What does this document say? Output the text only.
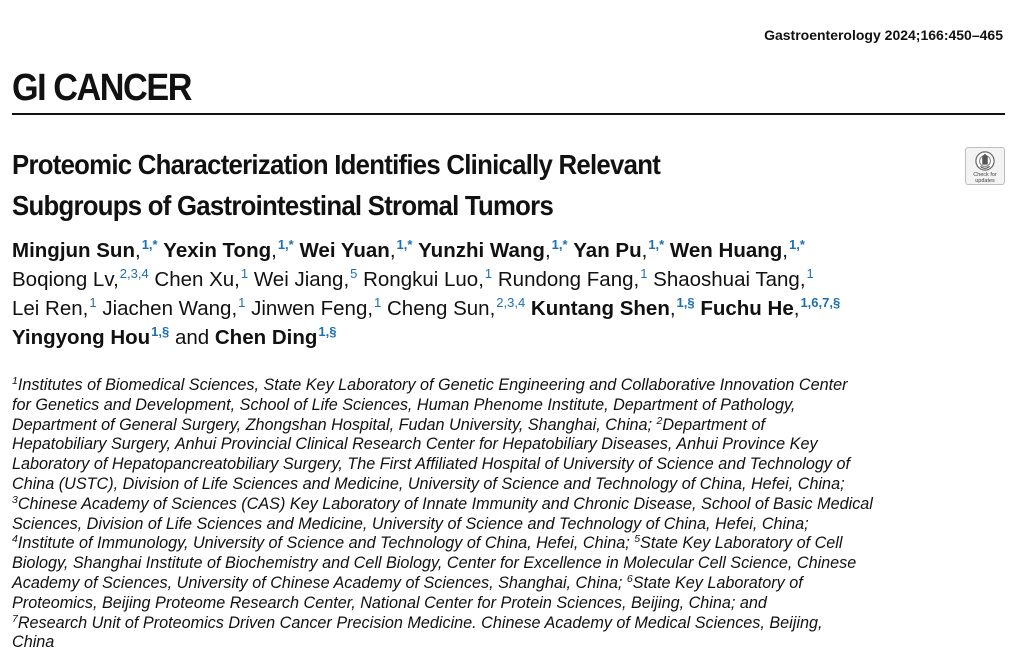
Gastroenterology 2024;166:450–465
GI CANCER
Proteomic Characterization Identifies Clinically Relevant
Subgroups of Gastrointestinal Stromal Tumors
Check for
updates
Mingjun Sun,$^{1,*}$ Yexin Tong,$^{1,*}$ Wei Yuan,$^{1,*}$ Yunzhi Wang,$^{1,*}$ Yan Pu,$^{1,*}$ Wen Huang,$^{1,*}$
Boqiong Lv,$^{2,3,4}$ Chen Xu,$^1$ Wei Jiang,$^5$ Rongkui Luo,$^1$ Rundong Fang,$^1$ Shaoshuai Tang,$^1$
Lei Ren,$^1$ Jiachen Wang,$^1$ Jinwen Feng,$^1$ Cheng Sun,$^{2,3,4}$ Kuntang Shen,$^{1,\S}$ Fuchu He,$^{1,6,7,\S}$
Yingyong Hou$^{1,\S}$ and Chen Ding$^{1,\S}$
$^1$Institutes of Biomedical Sciences, State Key Laboratory of Genetic Engineering and Collaborative Innovation Center
for Genetics and Development, School of Life Sciences, Human Phenome Institute, Department of Pathology,
Department of General Surgery, Zhongshan Hospital, Fudan University, Shanghai, China; $^2$Department of
Hepatobiliary Surgery, Anhui Provincial Clinical Research Center for Hepatobiliary Diseases, Anhui Province Key
Laboratory of Hepatopancreatobiliary Surgery, The First Affiliated Hospital of University of Science and Technology of
China (USTC), Division of Life Sciences and Medicine, University of Science and Technology of China, Hefei, China;
$^3$Chinese Academy of Sciences (CAS) Key Laboratory of Innate Immunity and Chronic Disease, School of Basic Medical
Sciences, Division of Life Sciences and Medicine, University of Science and Technology of China, Hefei, China;
$^4$Institute of Immunology, University of Science and Technology of China, Hefei, China; $^5$State Key Laboratory of Cell
Biology, Shanghai Institute of Biochemistry and Cell Biology, Center for Excellence in Molecular Cell Science, Chinese
Academy of Sciences, University of Chinese Academy of Sciences, Shanghai, China; $^6$State Key Laboratory of
Proteomics, Beijing Proteome Research Center, National Center for Protein Sciences, Beijing, China; and
$^7$Research Unit of Proteomics Driven Cancer Precision Medicine. Chinese Academy of Medical Sciences, Beijing,
China
